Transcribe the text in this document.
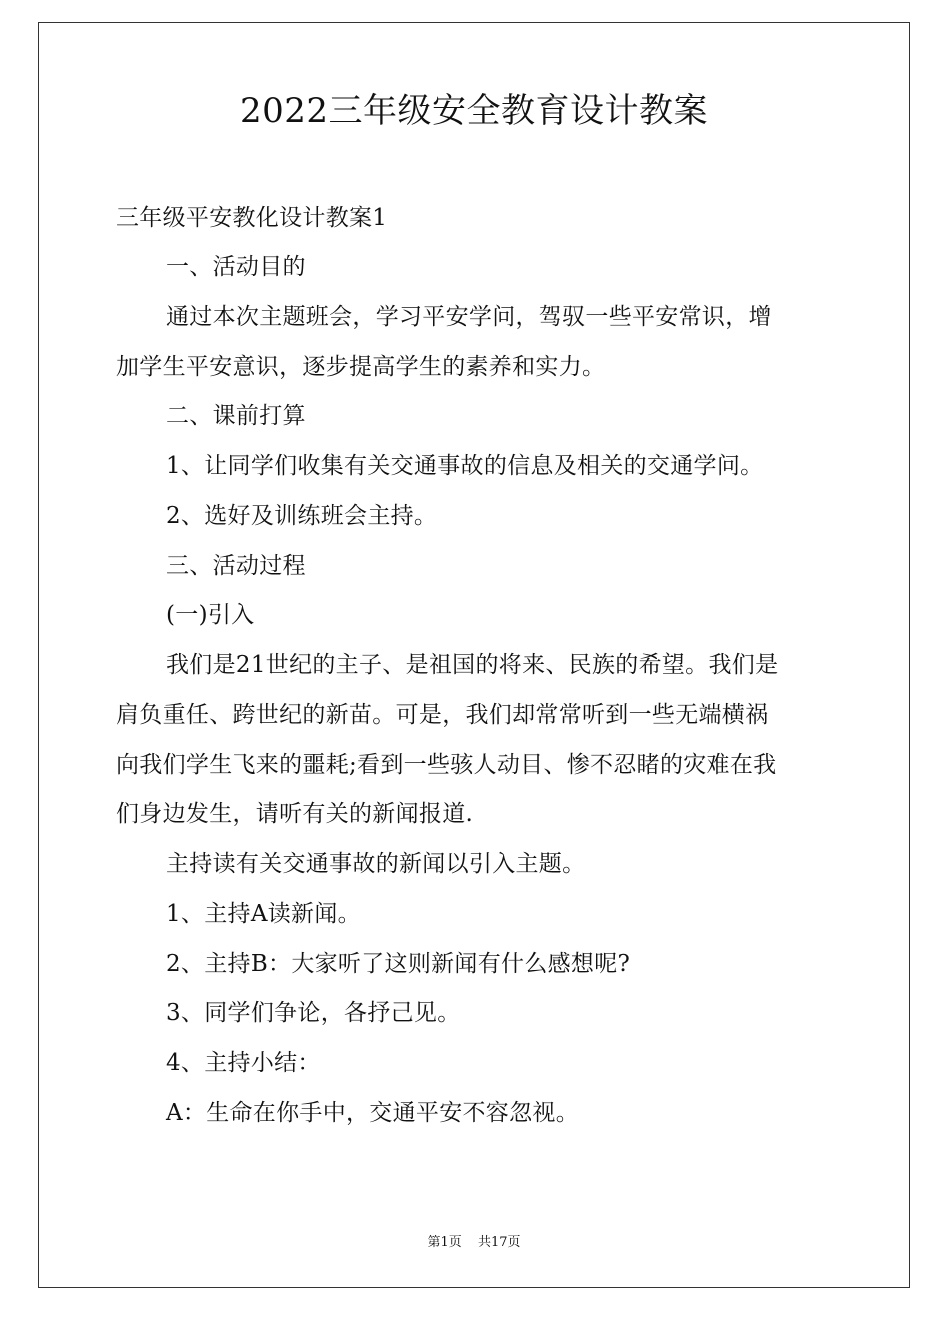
2022三年级安全教育设计教案

三年级平安教化设计教案1

一、活动目的

通过本次主题班会，学习平安学问，驾驭一些平安常识，增

加学生平安意识，逐步提高学生的素养和实力。

二、课前打算

1、让同学们收集有关交通事故的信息及相关的交通学问。

2、选好及训练班会主持。

三、活动过程

(一)引入

我们是21世纪的主子、是祖国的将来、民族的希望。我们是

肩负重任、跨世纪的新苗。可是，我们却常常听到一些无端横祸

向我们学生飞来的噩耗;看到一些骇人动目、惨不忍睹的灾难在我

们身边发生，请听有关的新闻报道.

主持读有关交通事故的新闻以引入主题。

1、主持A读新闻。

2、主持B：大家听了这则新闻有什么感想呢?

3、同学们争论，各抒己见。

4、主持小结：

A：生命在你手中，交通平安不容忽视。

第1页 共17页
